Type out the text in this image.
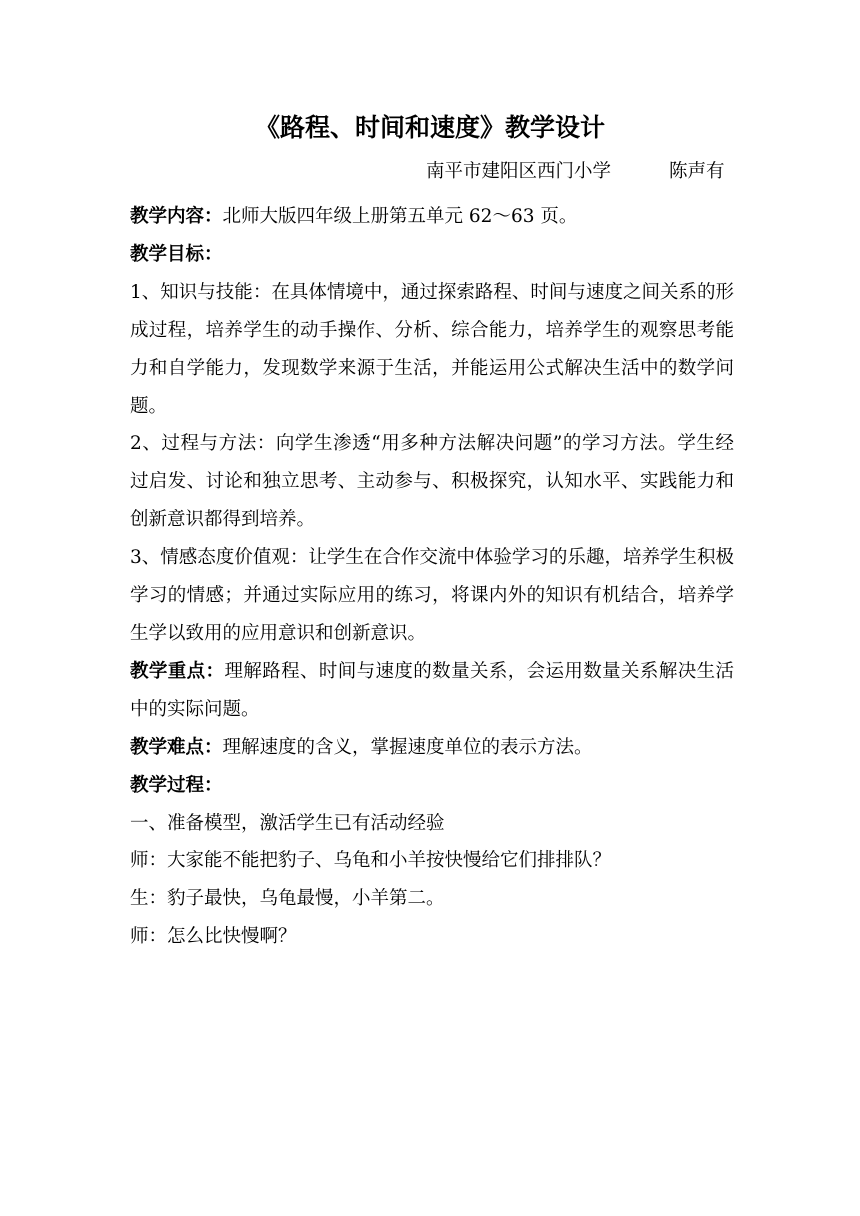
《路程、时间和速度》教学设计
南平市建阳区西门小学	陈声有

教学内容：北师大版四年级上册第五单元 62～63 页。

教学目标：

1、知识与技能：在具体情境中，通过探索路程、时间与速度之间关系的形成过程，培养学生的动手操作、分析、综合能力，培养学生的观察思考能力和自学能力，发现数学来源于生活，并能运用公式解决生活中的数学问题。

2、过程与方法：向学生渗透“用多种方法解决问题”的学习方法。学生经过启发、讨论和独立思考、主动参与、积极探究，认知水平、实践能力和创新意识都得到培养。

3、情感态度价值观：让学生在合作交流中体验学习的乐趣，培养学生积极学习的情感；并通过实际应用的练习，将课内外的知识有机结合，培养学生学以致用的应用意识和创新意识。

教学重点：理解路程、时间与速度的数量关系，会运用数量关系解决生活中的实际问题。

教学难点：理解速度的含义，掌握速度单位的表示方法。

教学过程：

一、准备模型，激活学生已有活动经验

师：大家能不能把豹子、乌龟和小羊按快慢给它们排排队？

生：豹子最快，乌龟最慢，小羊第二。

师：怎么比快慢啊？
